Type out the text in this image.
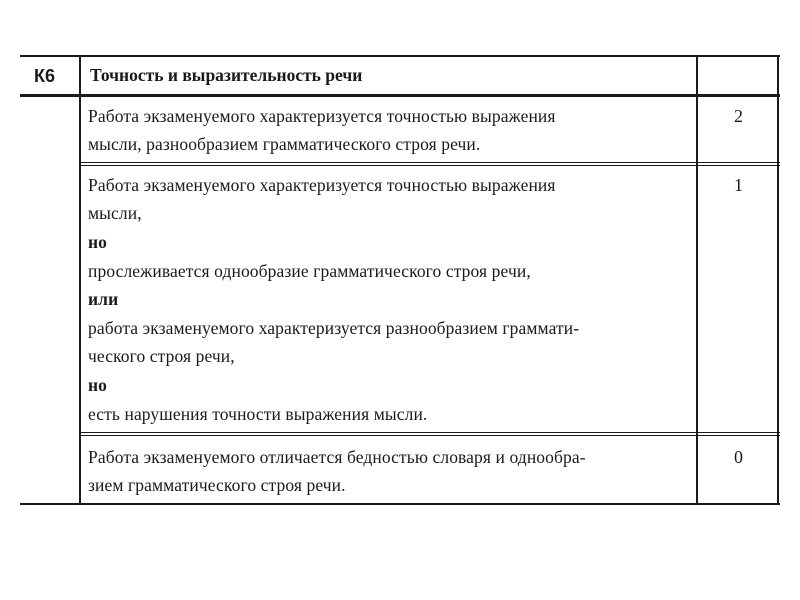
К6 Точность и выразительность речи
2
Работа экзаменуемого характеризуется точностью выражения
мысли, разнообразием грамматического строя речи.
1
Работа экзаменуемого характеризуется точностью выражения
мысли,
но
прослеживается однообразие грамматического строя речи,
или
работа экзаменуемого характеризуется разнообразием граммати-
ческого строя речи,
но
есть нарушения точности выражения мысли.
0
Работа экзаменуемого отличается бедностью словаря и однообра-
зием грамматического строя речи.
